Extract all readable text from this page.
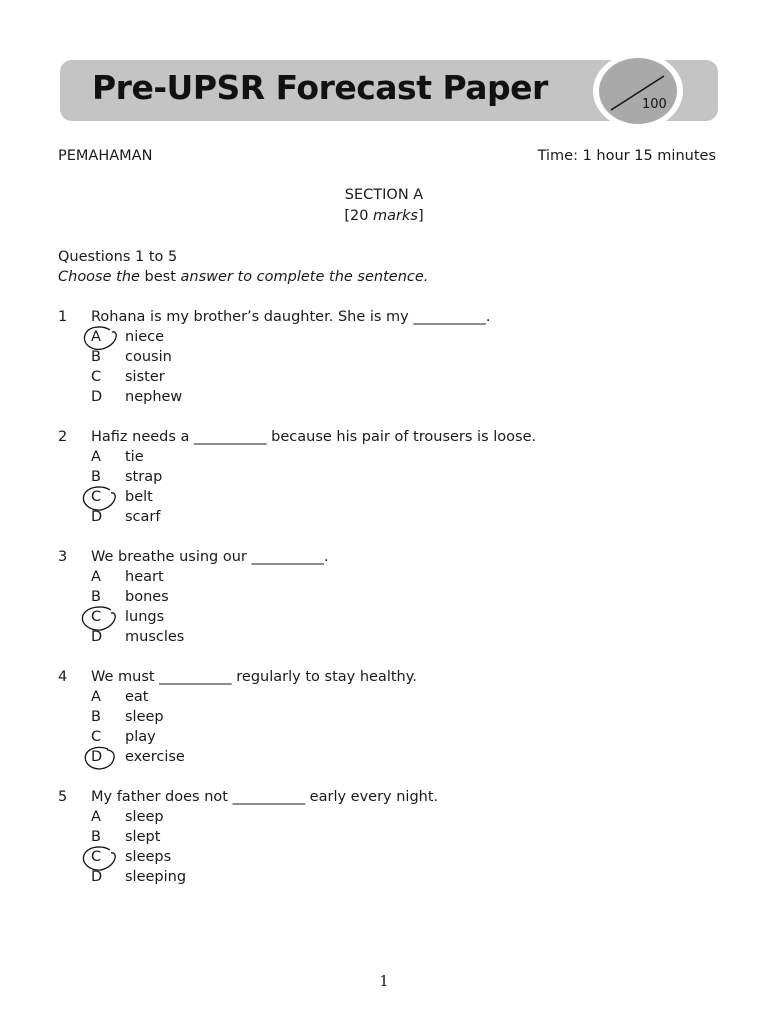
Pre-UPSR Forecast Paper	100
PEMAHAMAN	Time: 1 hour 15 minutes
SECTION A
[20 marks]
Questions 1 to 5
Choose the best answer to complete the sentence.
1 Rohana is my brother’s daughter. She is my __________.
A niece
B cousin
C sister
D nephew
2 Hafiz needs a __________ because his pair of trousers is loose.
A tie
B strap
C belt
D scarf
3 We breathe using our __________.
A heart
B bones
C lungs
D muscles
4 We must __________ regularly to stay healthy.
A eat
B sleep
C play
D exercise
5 My father does not __________ early every night.
A sleep
B slept
C sleeps
D sleeping
1
